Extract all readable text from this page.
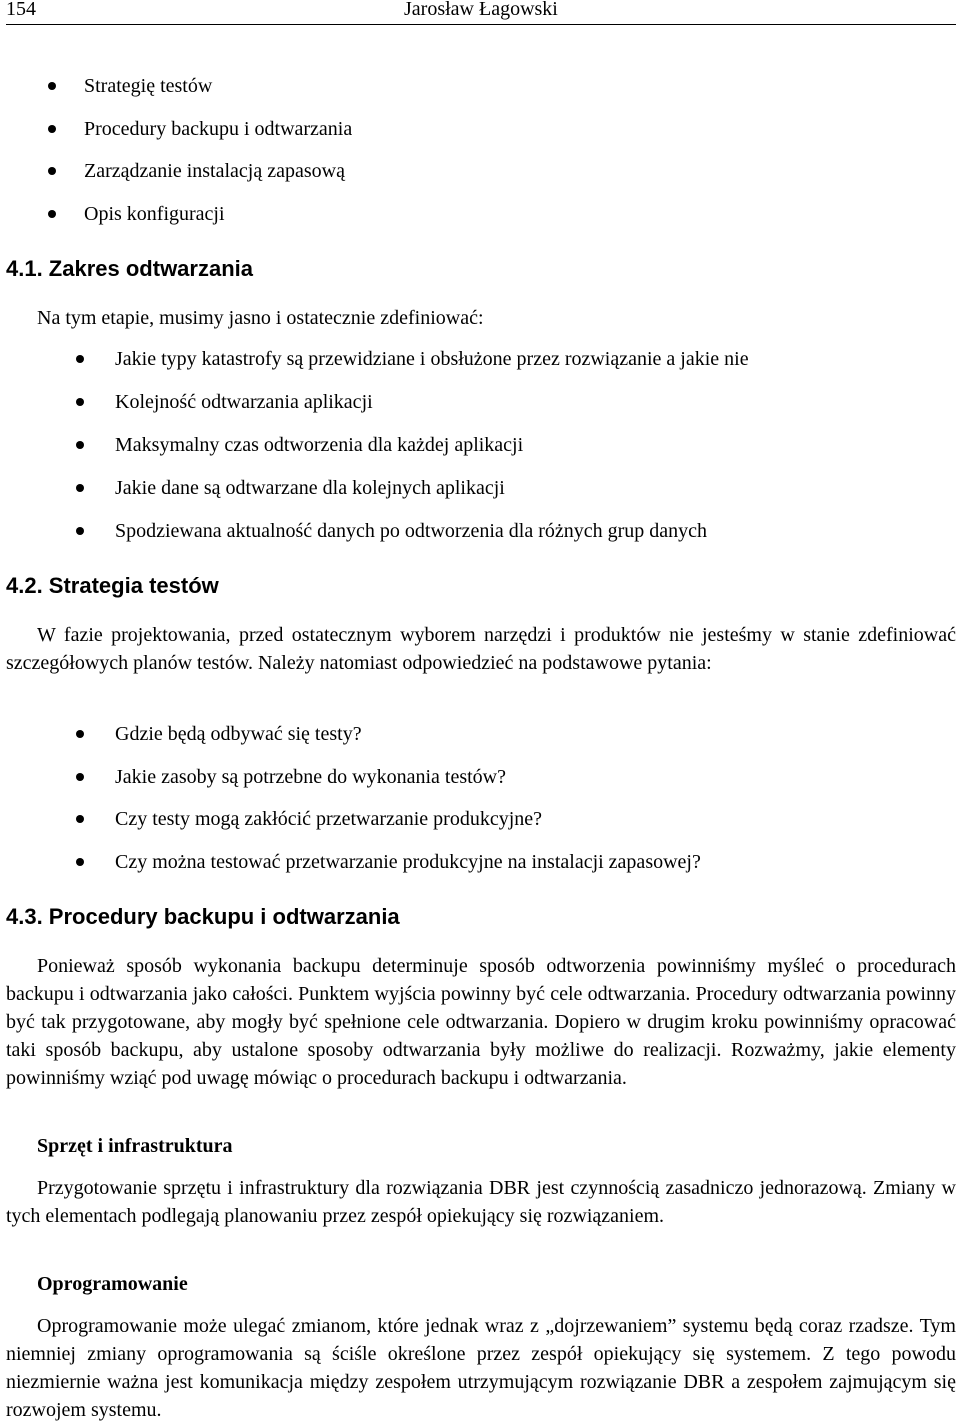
154	Jarosław Łagowski
Strategię testów
Procedury backupu i odtwarzania
Zarządzanie instalacją zapasową
Opis konfiguracji
4.1. Zakres odtwarzania
Na tym etapie, musimy jasno i ostatecznie zdefiniować:
Jakie typy katastrofy są przewidziane i obsłużone przez rozwiązanie a jakie nie
Kolejność odtwarzania aplikacji
Maksymalny czas odtworzenia dla każdej aplikacji
Jakie dane są odtwarzane dla kolejnych aplikacji
Spodziewana aktualność danych po odtworzenia dla różnych grup danych
4.2. Strategia testów
W fazie projektowania, przed ostatecznym wyborem narzędzi i produktów nie jesteśmy w stanie zdefiniować szczegółowych planów testów. Należy natomiast odpowiedzieć na podstawowe pytania:
Gdzie będą odbywać się testy?
Jakie zasoby są potrzebne do wykonania testów?
Czy testy mogą zakłócić przetwarzanie produkcyjne?
Czy można testować przetwarzanie produkcyjne na instalacji zapasowej?
4.3. Procedury backupu i odtwarzania
Ponieważ sposób wykonania backupu determinuje sposób odtworzenia powinniśmy myśleć o procedurach backupu i odtwarzania jako całości. Punktem wyjścia powinny być cele odtwarzania. Procedury odtwarzania powinny być tak przygotowane, aby mogły być spełnione cele odtwarzania. Dopiero w drugim kroku powinniśmy opracować taki sposób backupu, aby ustalone sposoby odtwarzania były możliwe do realizacji. Rozważmy, jakie elementy powinniśmy wziąć pod uwagę mówiąc o procedurach backupu i odtwarzania.
Sprzęt i infrastruktura
Przygotowanie sprzętu i infrastruktury dla rozwiązania DBR jest czynnością zasadniczo jednorazową. Zmiany w tych elementach podlegają planowaniu przez zespół opiekujący się rozwiązaniem.
Oprogramowanie
Oprogramowanie może ulegać zmianom, które jednak wraz z „dojrzewaniem” systemu będą coraz rzadsze. Tym niemniej zmiany oprogramowania są ściśle określone przez zespół opiekujący się systemem. Z tego powodu niezmiernie ważna jest komunikacja między zespołem utrzymującym rozwiązanie DBR a zespołem zajmującym się rozwojem systemu.
